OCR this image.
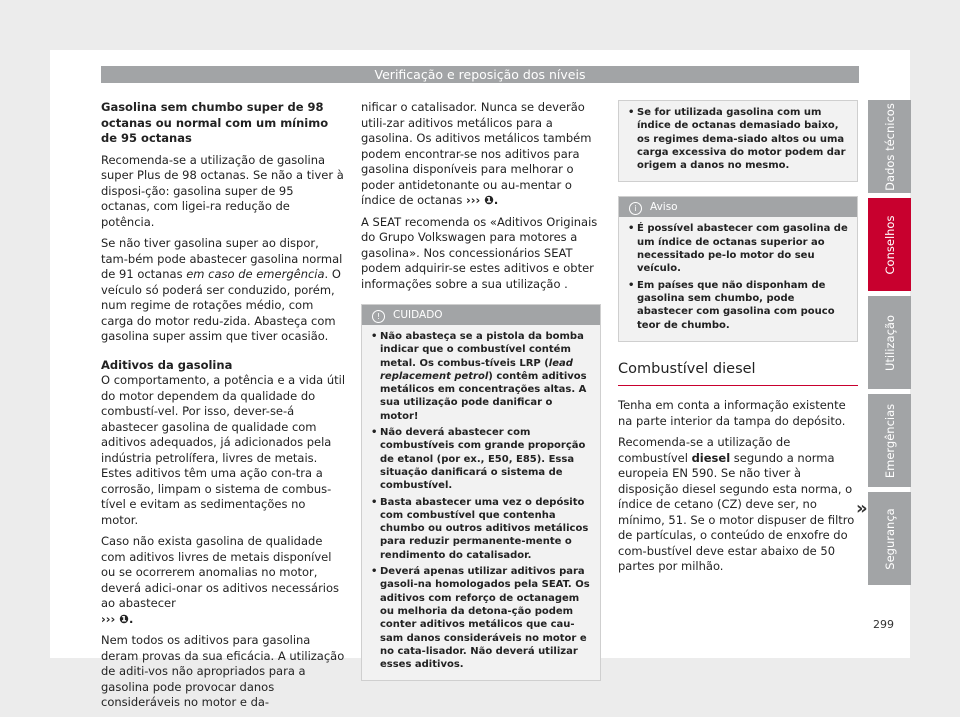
Verificação e reposição dos níveis

Gasolina sem chumbo super de 98 octanas ou normal com um mínimo de 95 octanas

Recomenda-se a utilização de gasolina super Plus de 98 octanas. Se não a tiver à disposi-ção: gasolina super de 95 octanas, com ligei-ra redução de potência.

Se não tiver gasolina super ao dispor, tam-bém pode abastecer gasolina normal de 91 octanas em caso de emergência. O veículo só poderá ser conduzido, porém, num regime de rotações médio, com carga do motor redu-zida. Abasteça com gasolina super assim que tiver ocasião.

Aditivos da gasolina

O comportamento, a potência e a vida útil do motor dependem da qualidade do combustí-vel. Por isso, dever-se-á abastecer gasolina de qualidade com aditivos adequados, já adicionados pela indústria petrolífera, livres de metais. Estes aditivos têm uma ação con-tra a corrosão, limpam o sistema de combus-tível e evitam as sedimentações no motor.

Caso não exista gasolina de qualidade com aditivos livres de metais disponível ou se ocorrerem anomalias no motor, deverá adici-onar os aditivos necessários ao abastecer
››› ❶.

Nem todos os aditivos para gasolina deram provas da sua eficácia. A utilização de aditi-vos não apropriados para a gasolina pode provocar danos consideráveis no motor e da-

nificar o catalisador. Nunca se deverão utili-zar aditivos metálicos para a gasolina. Os aditivos metálicos também podem encontrar-se nos aditivos para gasolina disponíveis para melhorar o poder antidetonante ou au-mentar o índice de octanas ››› ❶.

A SEAT recomenda os «Aditivos Originais do Grupo Volkswagen para motores a gasolina». Nos concessionários SEAT podem adquirir-se estes aditivos e obter informações sobre a sua utilização .

! CUIDADO

• Não abasteça se a pistola da bomba indicar que o combustível contém metal. Os combus-tíveis LRP (lead replacement petrol) contêm aditivos metálicos em concentrações altas. A sua utilização pode danificar o motor!

• Não deverá abastecer com combustíveis com grande proporção de etanol (por ex., E50, E85). Essa situação danificará o sistema de combustível.

• Basta abastecer uma vez o depósito com combustível que contenha chumbo ou outros aditivos metálicos para reduzir permanente-mente o rendimento do catalisador.

• Deverá apenas utilizar aditivos para gasoli-na homologados pela SEAT. Os aditivos com reforço de octanagem ou melhoria da detona-ção podem conter aditivos metálicos que cau-sam danos consideráveis no motor e no cata-lisador. Não deverá utilizar esses aditivos.

• Se for utilizada gasolina com um índice de octanas demasiado baixo, os regimes dema-siado altos ou uma carga excessiva do motor podem dar origem a danos no mesmo.

i Aviso

• É possível abastecer com gasolina de um índice de octanas superior ao necessitado pe-lo motor do seu veículo.

• Em países que não disponham de gasolina sem chumbo, pode abastecer com gasolina com pouco teor de chumbo.

Combustível diesel

Tenha em conta a informação existente na parte interior da tampa do depósito.

Recomenda-se a utilização de combustível diesel segundo a norma europeia EN 590. Se não tiver à disposição diesel segundo esta norma, o índice de cetano (CZ) deve ser, no mínimo, 51. Se o motor dispuser de filtro de partículas, o conteúdo de enxofre do com-bustível deve estar abaixo de 50 partes por milhão.

»
Dados técnicos
Conselhos
Utilização
Emergências
Segurança
299
